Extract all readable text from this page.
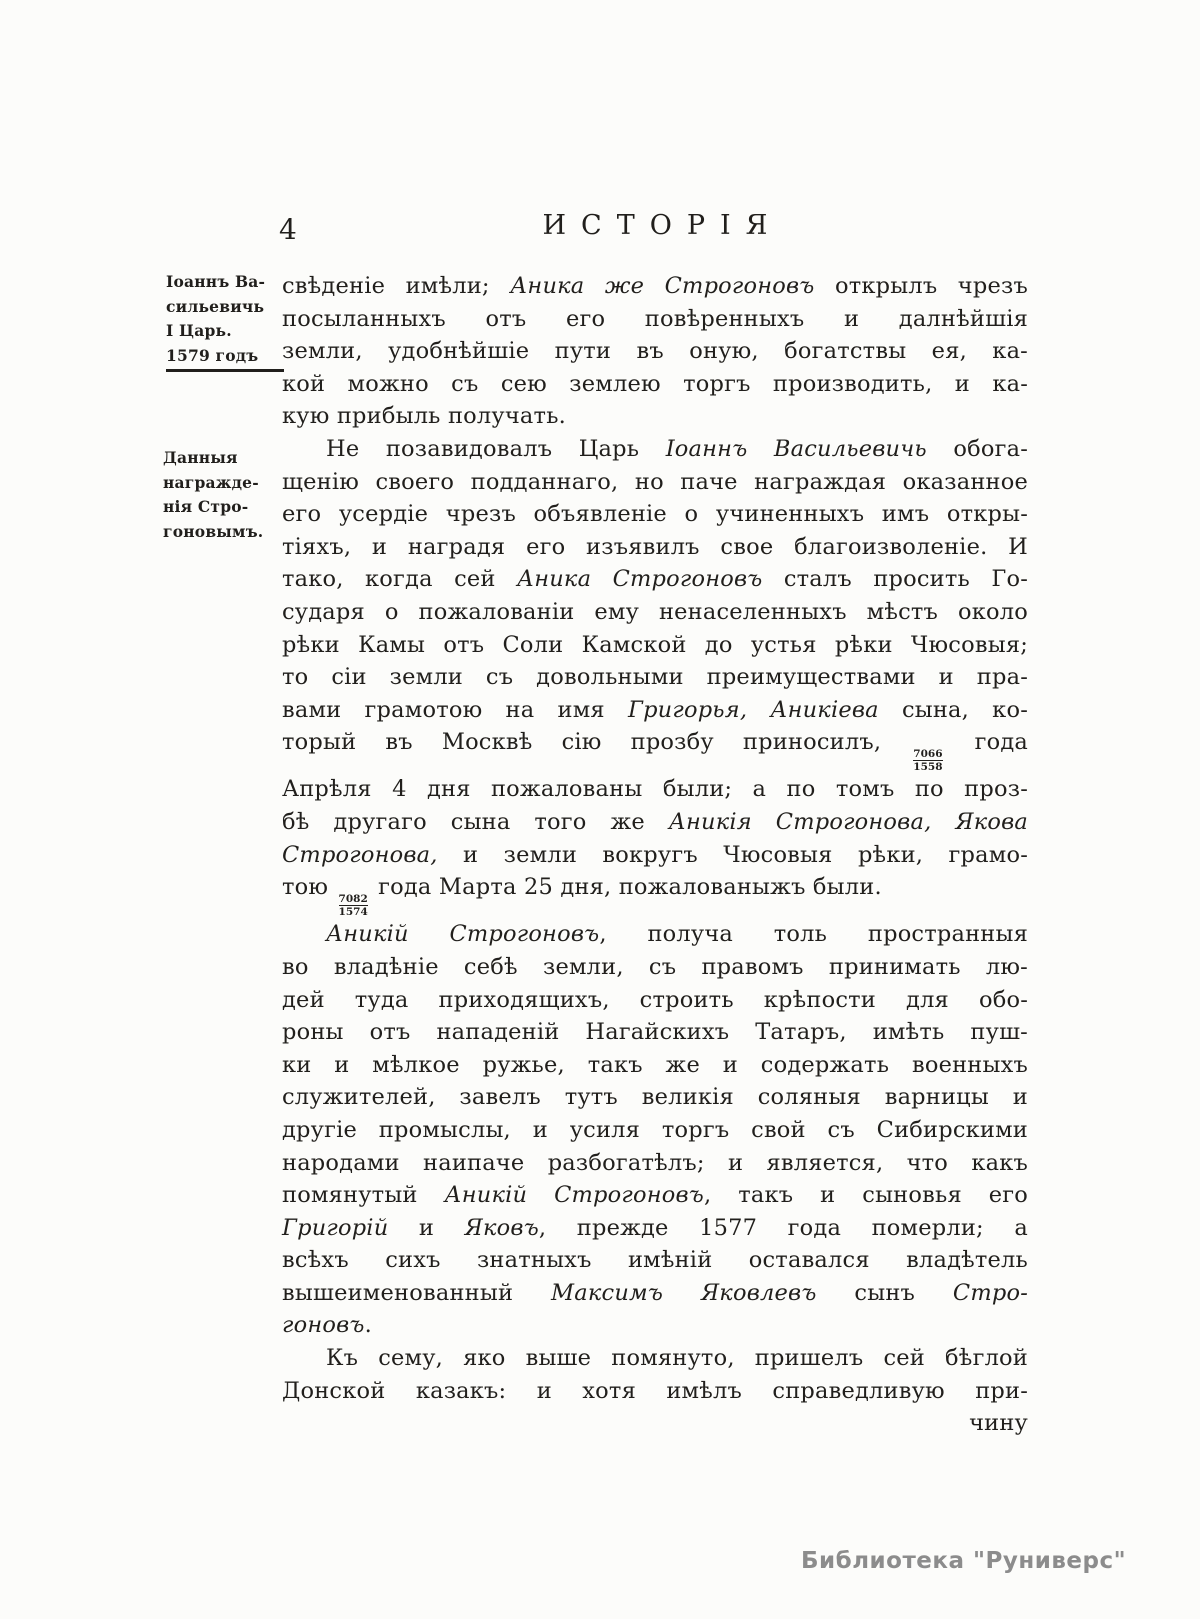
4	ИСТОРІЯ
Іоаннъ Ва-
сильевичь
I Царь.
1579 годъ
Данныя
награжде-
нія Стро-
гоновымъ.
свѣденіе имѣли; Аника же Строгоновъ открылъ чрезъ
посыланныхъ отъ его повѣренныхъ и далнѣйшія
земли, удобнѣйшіе пути въ оную, богатствы ея, ка-
кой можно съ сею землею торгъ производить, и ка-
кую прибыль получать.
Не позавидовалъ Царь Іоаннъ Васильевичь обога-
щенію своего подданнаго, но паче награждая оказанное
его усердіе чрезъ объявленіе о учиненныхъ имъ откры-
тіяхъ, и наградя его изъявилъ свое благоизволеніе. И
тако, когда сей Аника Строгоновъ сталъ просить Го-
сударя о пожалованіи ему ненаселенныхъ мѣстъ около
рѣки Камы отъ Соли Камской до устья рѣки Чюсовыя;
то сіи земли съ довольными преимуществами и пра-
вами грамотою на имя Григорья, Аникіева сына, ко-
торый въ Москвѣ сію прозбу приносилъ,
$\frac{7066}{1558}$
года
Апрѣля 4 дня пожалованы были; а по томъ по проз-
бѣ другаго сына того же Аникія Строгонова, Якова
Строгонова, и земли вокругъ Чюсовыя рѣки, грамо-
тою
$\frac{7082}{1574}$
года Марта 25 дня, пожалованыжъ были.
Аникій Строгоновъ, получа толь пространныя
во владѣніе себѣ земли, съ правомъ принимать лю-
дей туда приходящихъ, строить крѣпости для обо-
роны отъ нападеній Нагайскихъ Татаръ, имѣть пуш-
ки и мѣлкое ружье, такъ же и содержать военныхъ
служителей, завелъ тутъ великія соляныя варницы и
другіе промыслы, и усиля торгъ свой съ Сибирскими
народами наипаче разбогатѣлъ; и является, что какъ
помянутый Аникій Строгоновъ, такъ и сыновья его
Григорій и Яковъ, прежде 1577 года померли; а
всѣхъ сихъ знатныхъ имѣній оставался владѣтель
вышеименованный Максимъ Яковлевъ сынъ Стро-
гоновъ.
Къ сему, яко выше помянуто, пришелъ сей бѣглой
Донской казакъ: и хотя имѣлъ справедливую при-
чину
Библиотека "Руниверс"
